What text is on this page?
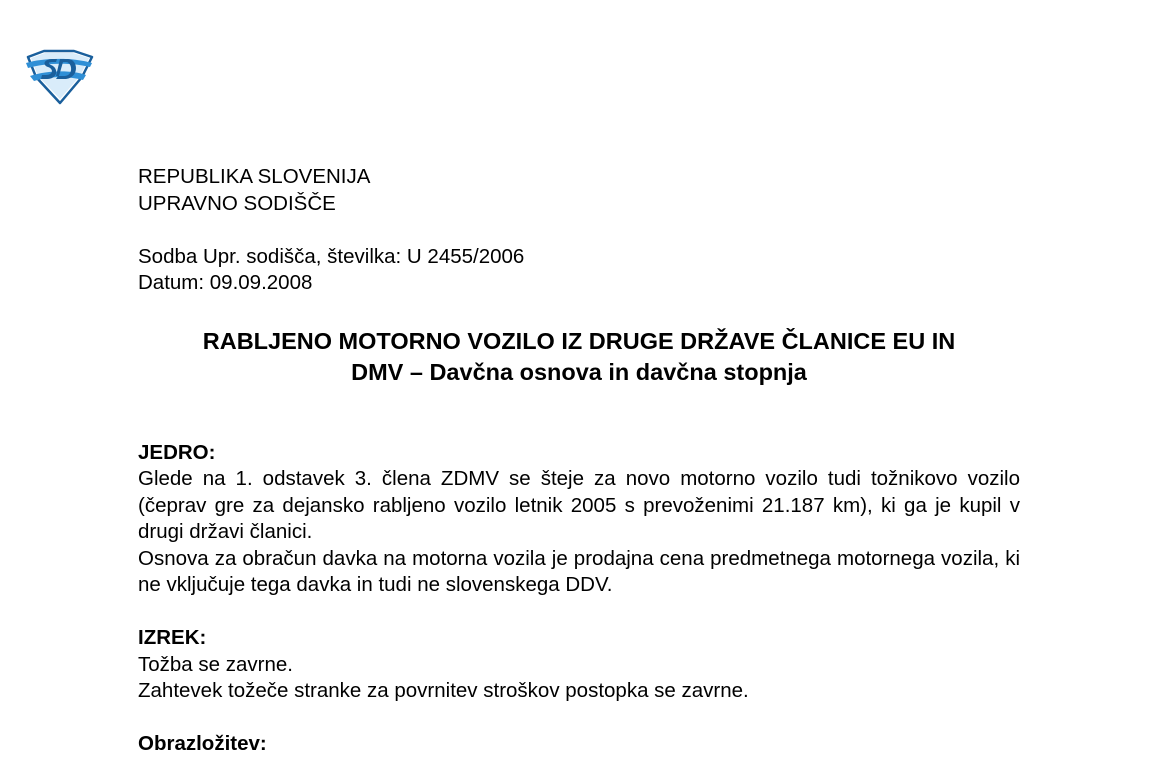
REPUBLIKA SLOVENIJA
UPRAVNO SODIŠČE
Sodba Upr. sodišča, številka: U 2455/2006
Datum: 09.09.2008
RABLJENO MOTORNO VOZILO IZ DRUGE DRŽAVE ČLANICE EU IN
DMV – Davčna osnova in davčna stopnja
JEDRO:
Glede na 1. odstavek 3. člena ZDMV se šteje za novo motorno vozilo tudi tožnikovo vozilo (čeprav gre za dejansko rabljeno vozilo letnik 2005 s prevoženimi 21.187 km), ki ga je kupil v drugi državi članici.
Osnova za obračun davka na motorna vozila je prodajna cena predmetnega motornega vozila, ki ne vključuje tega davka in tudi ne slovenskega DDV.
IZREK:
Tožba se zavrne.
Zahtevek tožeče stranke za povrnitev stroškov postopka se zavrne.
Obrazložitev:
